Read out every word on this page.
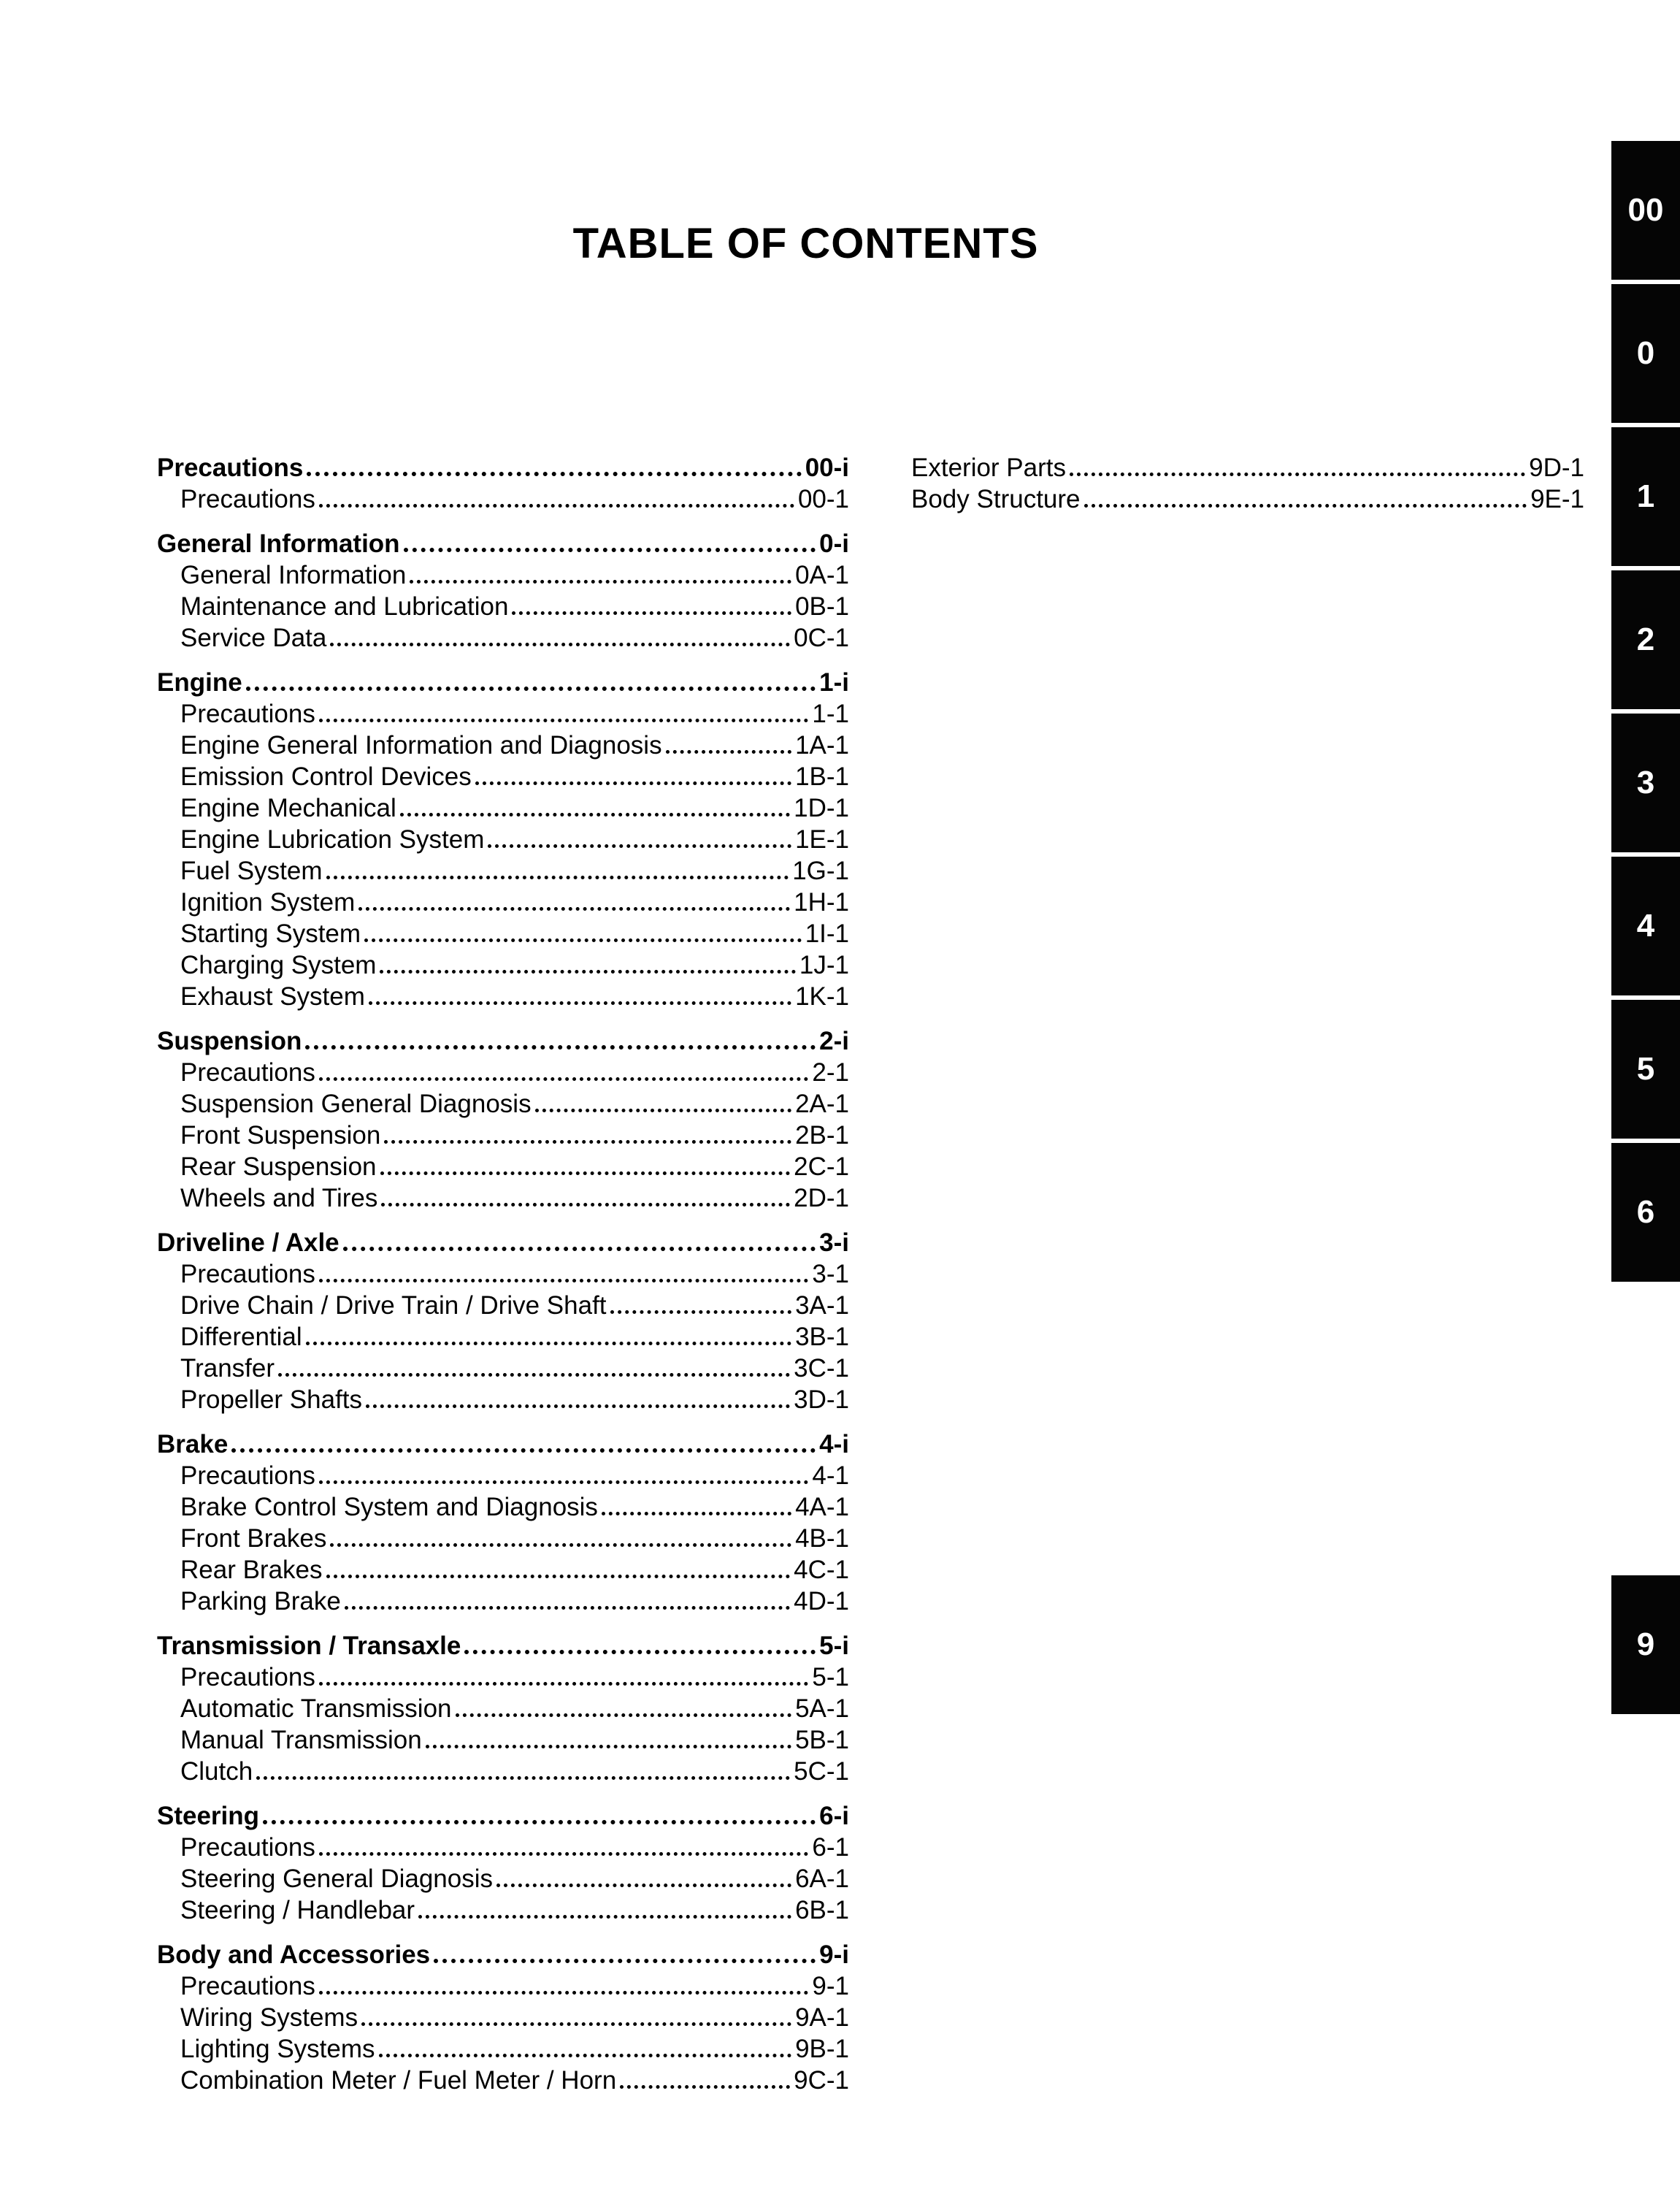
TABLE OF CONTENTS
Precautions	00-i
Precautions	00-1
General Information	0-i
General Information	0A-1
Maintenance and Lubrication	0B-1
Service Data	0C-1
Engine	1-i
Precautions	1-1
Engine General Information and Diagnosis	1A-1
Emission Control Devices	1B-1
Engine Mechanical	1D-1
Engine Lubrication System	1E-1
Fuel System	1G-1
Ignition System	1H-1
Starting System	1I-1
Charging System	1J-1
Exhaust System	1K-1
Suspension	2-i
Precautions	2-1
Suspension General Diagnosis	2A-1
Front Suspension	2B-1
Rear Suspension	2C-1
Wheels and Tires	2D-1
Driveline / Axle	3-i
Precautions	3-1
Drive Chain / Drive Train / Drive Shaft	3A-1
Differential	3B-1
Transfer	3C-1
Propeller Shafts	3D-1
Brake	4-i
Precautions	4-1
Brake Control System and Diagnosis	4A-1
Front Brakes	4B-1
Rear Brakes	4C-1
Parking Brake	4D-1
Transmission / Transaxle	5-i
Precautions	5-1
Automatic Transmission	5A-1
Manual Transmission	5B-1
Clutch	5C-1
Steering	6-i
Precautions	6-1
Steering General Diagnosis	6A-1
Steering / Handlebar	6B-1
Body and Accessories	9-i
Precautions	9-1
Wiring Systems	9A-1
Lighting Systems	9B-1
Combination Meter / Fuel Meter / Horn	9C-1
Exterior Parts	9D-1
Body Structure	9E-1
00
0
1
2
3
4
5
6
9
